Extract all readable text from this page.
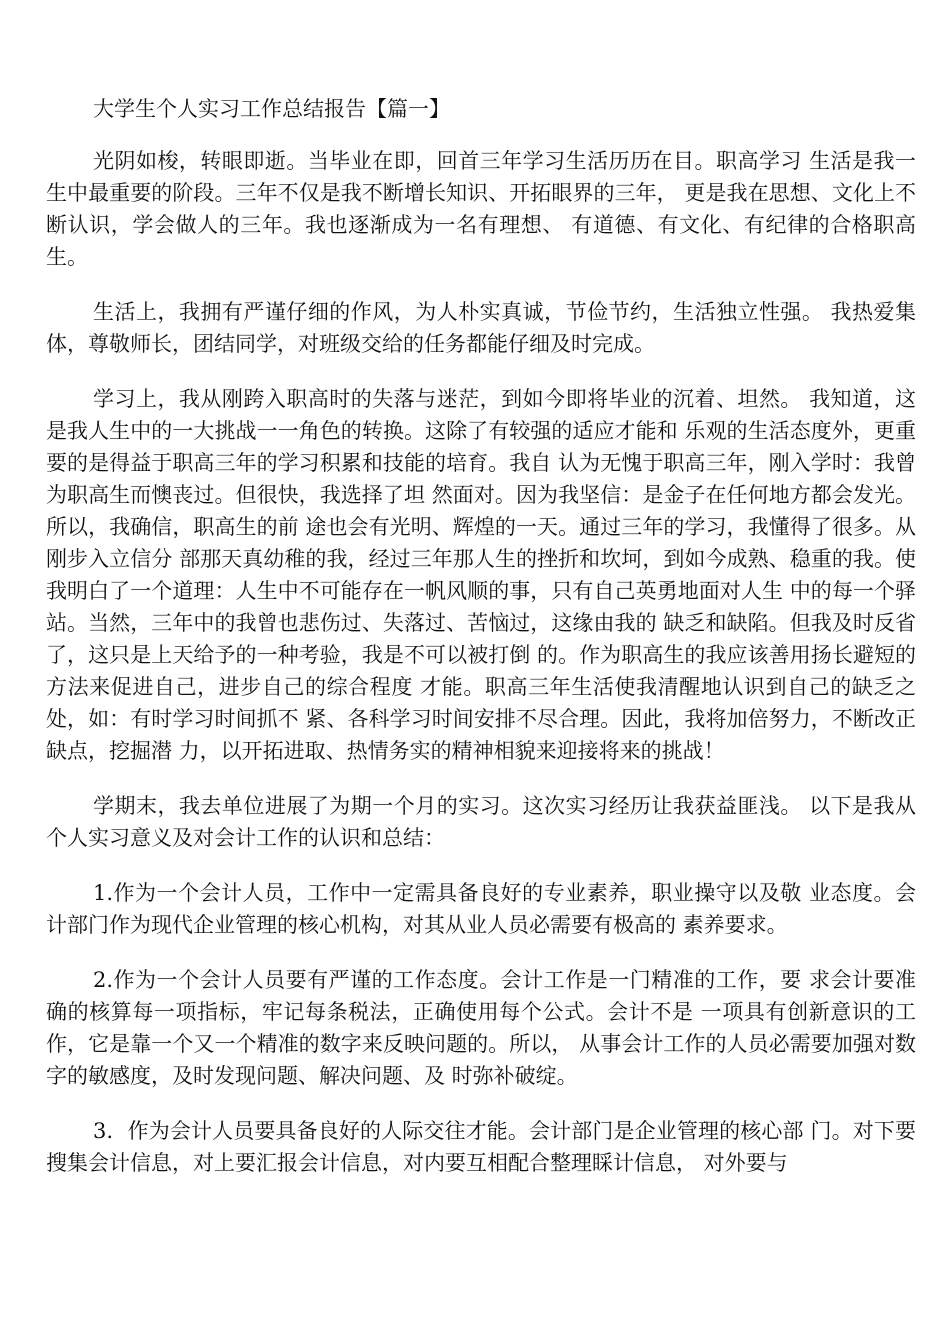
大学生个人实习工作总结报告【篇一】

光阴如梭，转眼即逝。当毕业在即，回首三年学习生活历历在目。职高学习 生活是我一生中最重要的阶段。三年不仅是我不断增长知识、开拓眼界的三年， 更是我在思想、文化上不断认识，学会做人的三年。我也逐渐成为一名有理想、 有道德、有文化、有纪律的合格职高生。

生活上，我拥有严谨仔细的作风，为人朴实真诚，节俭节约，生活独立性强。 我热爱集体，尊敬师长，团结同学，对班级交给的任务都能仔细及时完成。

学习上，我从刚跨入职高时的失落与迷茫，到如今即将毕业的沉着、坦然。 我知道，这是我人生中的一大挑战一一角色的转换。这除了有较强的适应才能和 乐观的生活态度外，更重要的是得益于职高三年的学习积累和技能的培育。我自 认为无愧于职高三年，刚入学时：我曾为职高生而懊丧过。但很快，我选择了坦 然面对。因为我坚信：是金子在任何地方都会发光。所以，我确信，职高生的前 途也会有光明、辉煌的一天。通过三年的学习，我懂得了很多。从刚步入立信分 部那天真幼稚的我，经过三年那人生的挫折和坎坷，到如今成熟、稳重的我。使 我明白了一个道理：人生中不可能存在一帆风顺的事，只有自己英勇地面对人生 中的每一个驿站。当然，三年中的我曾也悲伤过、失落过、苦恼过，这缘由我的 缺乏和缺陷。但我及时反省了，这只是上天给予的一种考验，我是不可以被打倒 的。作为职高生的我应该善用扬长避短的方法来促进自己，进步自己的综合程度 才能。职高三年生活使我清醒地认识到自己的缺乏之处，如：有时学习时间抓不 紧、各科学习时间安排不尽合理。因此，我将加倍努力，不断改正缺点，挖掘潜 力，以开拓进取、热情务实的精神相貌来迎接将来的挑战！

学期末，我去单位进展了为期一个月的实习。这次实习经历让我获益匪浅。 以下是我从个人实习意义及对会计工作的认识和总结：

1.作为一个会计人员，工作中一定需具备良好的专业素养，职业操守以及敬 业态度。会计部门作为现代企业管理的核心机构，对其从业人员必需要有极高的 素养要求。

2.作为一个会计人员要有严谨的工作态度。会计工作是一门精准的工作，要 求会计要准确的核算每一项指标，牢记每条税法，正确使用每个公式。会计不是 一项具有创新意识的工作，它是靠一个又一个精准的数字来反映问题的。所以， 从事会计工作的人员必需要加强对数字的敏感度，及时发现问题、解决问题、及 时弥补破绽。

3．作为会计人员要具备良好的人际交往才能。会计部门是企业管理的核心部 门。对下要搜集会计信息，对上要汇报会计信息，对内要互相配合整理睬计信息， 对外要与
